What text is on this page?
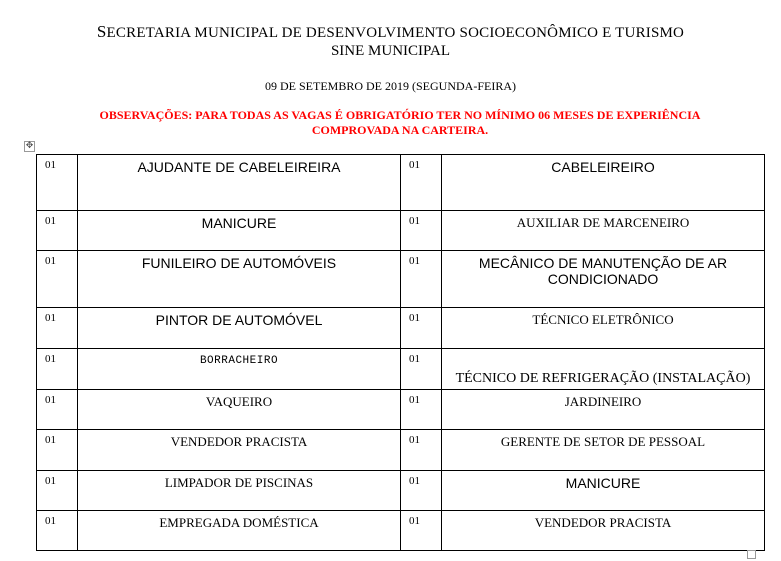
SECRETARIA MUNICIPAL DE DESENVOLVIMENTO SOCIOECONÔMICO E TURISMO
SINE MUNICIPAL
09 DE SETEMBRO DE 2019 (SEGUNDA-FEIRA)
OBSERVAÇÕES: PARA TODAS AS VAGAS É OBRIGATÓRIO TER NO MÍNIMO 06 MESES DE EXPERIÊNCIA
COMPROVADA NA CARTEIRA.
✥
01	AJUDANTE DE CABELEIREIRA	01	CABELEIREIRO
01	MANICURE	01	AUXILIAR DE MARCENEIRO
01	FUNILEIRO DE AUTOMÓVEIS	01	MECÂNICO DE MANUTENÇÃO DE AR CONDICIONADO
01	PINTOR DE AUTOMÓVEL	01	TÉCNICO ELETRÔNICO
01	BORRACHEIRO	01	TÉCNICO DE REFRIGERAÇÃO (INSTALAÇÃO)
01	VAQUEIRO	01	JARDINEIRO
01	VENDEDOR PRACISTA	01	GERENTE DE SETOR DE PESSOAL
01	LIMPADOR DE PISCINAS	01	MANICURE
01	EMPREGADA DOMÉSTICA	01	VENDEDOR PRACISTA
